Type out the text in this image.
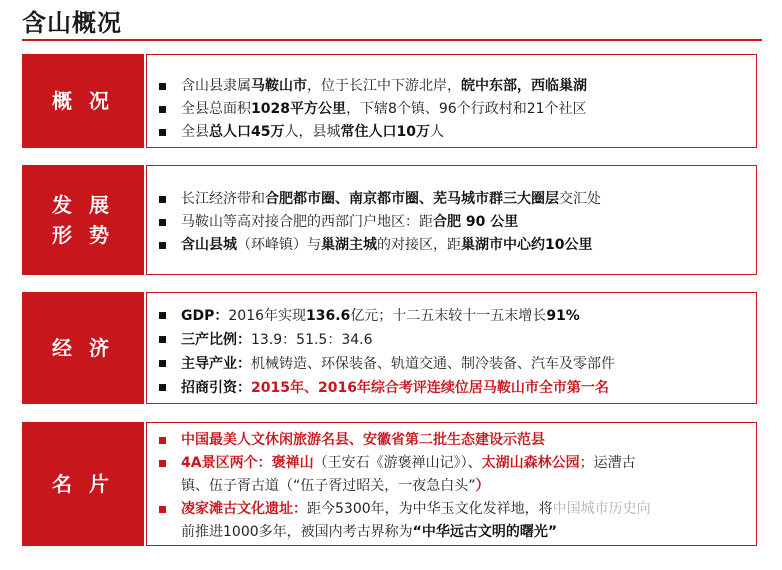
含山概况
概 况
含山县隶属马鞍山市，位于长江中下游北岸，皖中东部，西临巢湖
全县总面积1028平方公里，下辖8个镇、96个行政村和21个社区
全县总人口45万人，县城常住人口10万人
发 展
形 势
长江经济带和合肥都市圈、南京都市圈、芜马城市群三大圈层交汇处
马鞍山等高对接合肥的西部门户地区：距合肥 90 公里
含山县城（环峰镇）与巢湖主城的对接区，距巢湖市中心约10公里
经 济
GDP：2016年实现136.6亿元；十二五末较十一五末增长91%
三产比例：13.9：51.5：34.6
主导产业：机械铸造、环保装备、轨道交通、制冷装备、汽车及零部件
招商引资：2015年、2016年综合考评连续位居马鞍山市全市第一名
名 片
中国最美人文休闲旅游名县、安徽省第二批生态建设示范县
4A景区两个：褒禅山（王安石《游褒禅山记》）、太湖山森林公园；运漕古
镇、伍子胥古道（“伍子胥过昭关，一夜急白头”）
凌家滩古文化遗址：距今5300年，为中华玉文化发祥地，将中国城市历史向
前推进1000多年，被国内考古界称为“中华远古文明的曙光”
